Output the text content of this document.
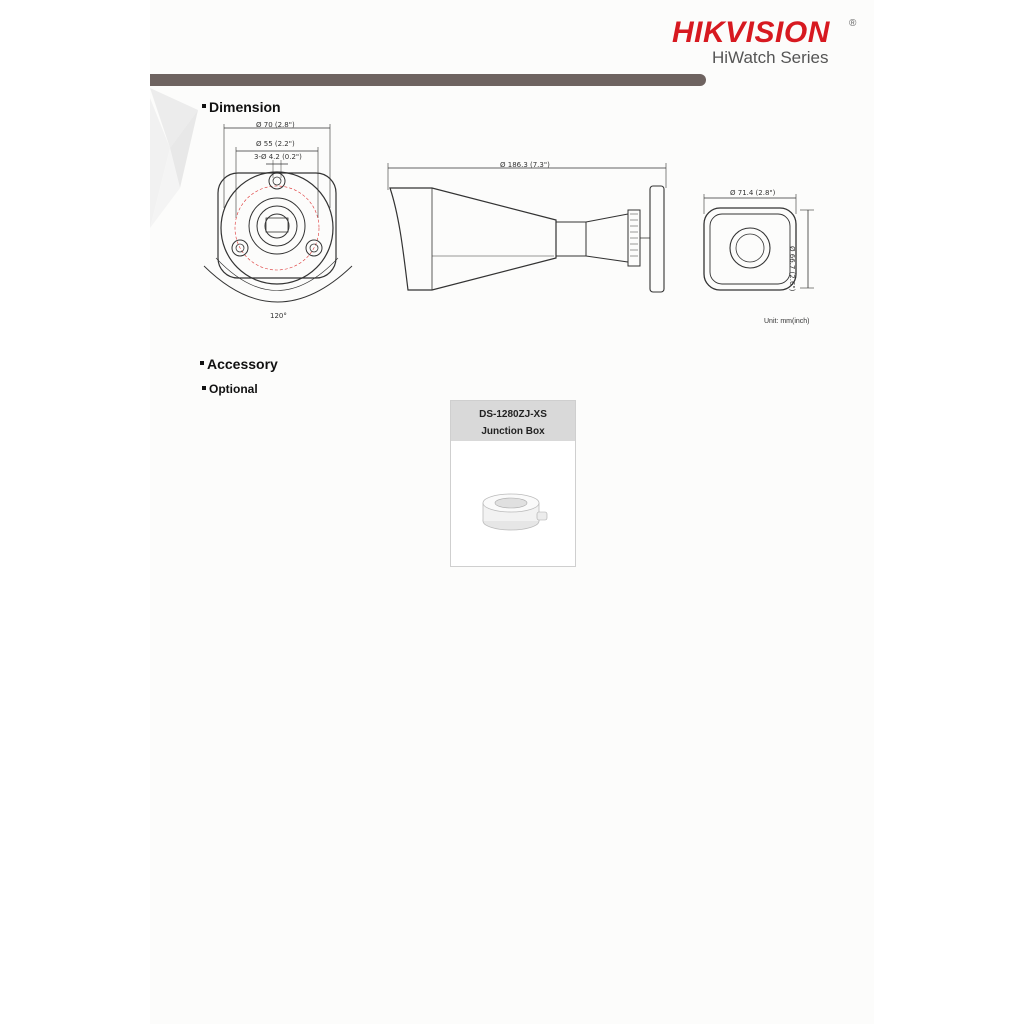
HIKVISION ®
HiWatch Series
Dimension
Ø 70 (2.8")
Ø 55 (2.2")
3-Ø 4.2 (0.2")
120°
Ø 186.3 (7.3")
Ø 71.4 (2.8")
Ø 66.7 (2.6")
Unit: mm(inch)
Accessory
Optional
DS-1280ZJ-XS
Junction Box
